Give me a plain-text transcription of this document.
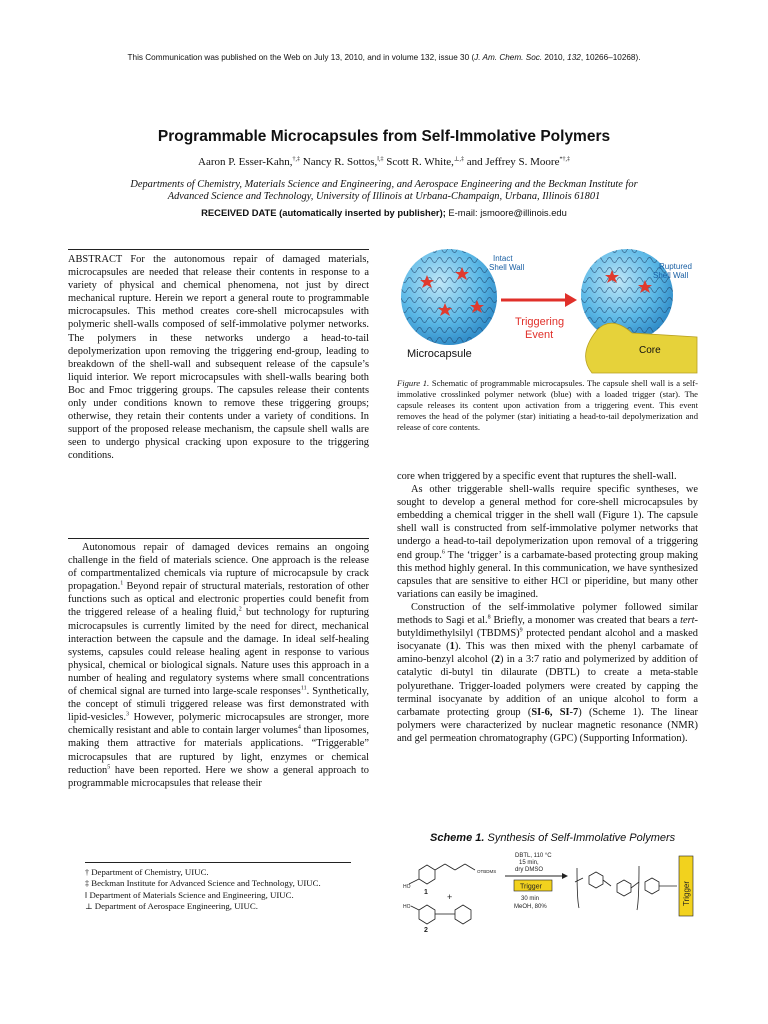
This Communication was published on the Web on July 13, 2010, and in volume 132, issue 30 (J. Am. Chem. Soc. 2010, 132, 10266–10268).
Programmable Microcapsules from Self-Immolative Polymers
Aaron P. Esser-Kahn,†,‡ Nancy R. Sottos,‖,‡ Scott R. White,⊥,‡ and Jeffrey S. Moore*†,‡
Departments of Chemistry, Materials Science and Engineering, and Aerospace Engineering and the Beckman Institute for Advanced Science and Technology, University of Illinois at Urbana-Champaign, Urbana, Illinois 61801
RECEIVED DATE (automatically inserted by publisher); E-mail: jsmoore@illinois.edu
ABSTRACT For the autonomous repair of damaged materials, microcapsules are needed that release their contents in response to a variety of physical and chemical phenomena, not just by direct mechanical rupture. Herein we report a general route to programmable microcapsules. This method creates core-shell microcapsules with polymeric shell-walls composed of self-immolative polymer networks. The polymers in these networks undergo a head-to-tail depolymerization upon removing the triggering end-group, leading to breakdown of the shell-wall and subsequent release of the capsule’s liquid interior. We report microcapsules with shell-walls bearing both Boc and Fmoc triggering groups. The capsules release their contents only under conditions known to remove these triggering groups; otherwise, they retain their contents under a variety of conditions. In support of the proposed release mechanism, the capsule shell walls are seen to undergo physical cracking upon exposure to the triggering conditions.
Autonomous repair of damaged devices remains an ongoing challenge in the field of materials science. One approach is the release of compartmentalized chemicals via rupture of microcapsule by crack propagation.$^1$ Beyond repair of structural materials, restoration of other functions such as optical and electronic properties could benefit from the triggered release of a healing fluid,$^2$ but technology for rupturing microcapsules is currently limited by the need for direct, mechanical interaction between the capsule and the damage. In ideal self-healing systems, capsules could release healing agent in response to various physical, chemical or biological signals. Nature uses this approach in a number of healing and regulatory systems where small concentrations of chemical signal are turned into large-scale responses$^{11}$. Synthetically, the concept of stimuli triggered release was first demonstrated with lipid-vesicles.$^3$ However, polymeric microcapsules are stronger, more chemically resistant and able to contain larger volumes$^4$ than liposomes, making them attractive for materials applications. “Triggerable” microcapsules that are ruptured by light, enzymes or chemical reduction$^5$ have been reported. Here we show a general approach to programmable microcapsules that release their
† Department of Chemistry, UIUC.
‡ Beckman Institute for Advanced Science and Technology, UIUC.
‖ Department of Materials Science and Engineering, UIUC.
⊥ Department of Aerospace Engineering, UIUC.
Intact
Shell Wall	Ruptured
Shell Wall
Triggering
Event
Microcapsule	Core
Figure 1. Schematic of programmable microcapsules. The capsule shell wall is a self-immolative crosslinked polymer network (blue) with a loaded trigger (star). The capsule releases its content upon activation from a triggering event. This event removes the head of the polymer (star) initiating a head-to-tail depolymerization and release of core contents.

core when triggered by a specific event that ruptures the shell-wall.

As other triggerable shell-walls require specific syntheses, we sought to develop a general method for core-shell microcapsules by embedding a chemical trigger in the shell wall (Figure 1). The capsule shell wall is constructed from self-immolative polymer networks that undergo a head-to-tail depolymerization upon removal of a triggering end group.$^6$ The ‘trigger’ is a carbamate-based protecting group making this method highly general. In this communication, we have synthesized capsules that are sensitive to either HCl or piperidine, but many other variations can easily be imagined.

Construction of the self-immolative polymer followed similar methods to Sagi et al.$^8$ Briefly, a monomer was created that bears a tert-butyldimethylsilyl (TBDMS)$^9$ protected pendant alcohol and a masked isocyanate (1). This was then mixed with the phenyl carbamate of amino-benzyl alcohol (2) in a 3:7 ratio and polymerized by addition of catalytic di-butyl tin dilaurate (DBTL) to create a meta-stable polyurethane. Trigger-loaded polymers were created by capping the terminal isocyanate by addition of an unique alcohol to form a carbamate protecting group (SI-6, SI-7) (Scheme 1). The linear polymers were characterized by nuclear magnetic resonance (NMR) and gel permeation chromatography (GPC) (Supporting Information).

Scheme 1. Synthesis of Self-Immolative Polymers
HO
OTBDMS
1 +
HO
2
DBTL, 110 °C
15 min,
dry DMSO
Trigger
30 min
MeOH, 80%
Trigger
